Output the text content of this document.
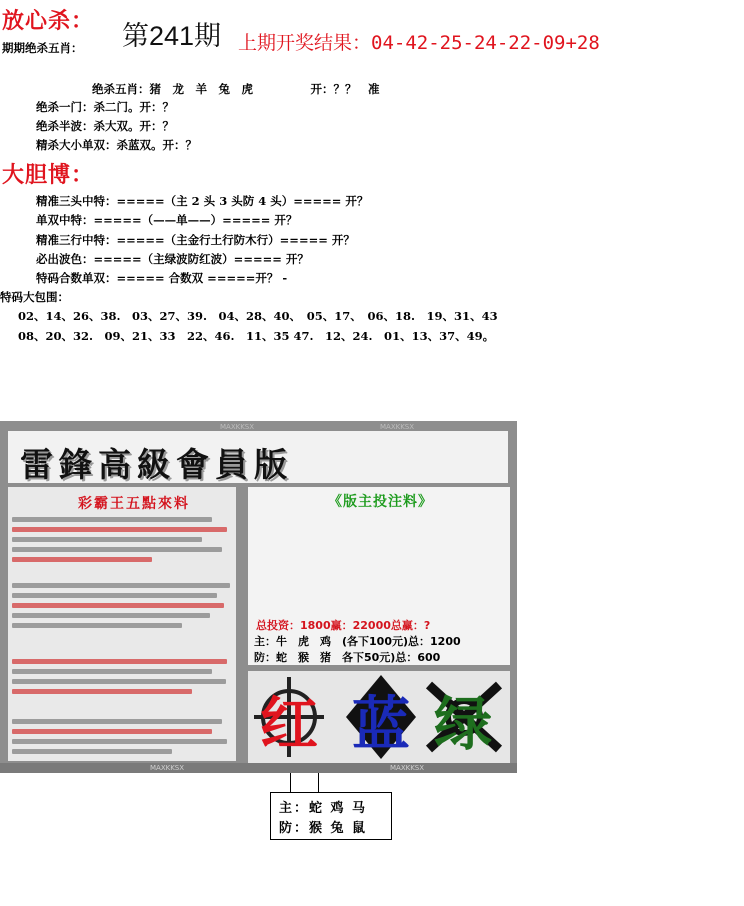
放心杀：
期期绝杀五肖： 第241期 上期开奖结果：04-42-25-24-22-09+28
绝杀五肖：猪　龙　羊　兔　虎　　　　　开：？？　准
绝杀一门：杀二门。开：？
绝杀半波：杀大双。开：？
精杀大小单双：杀蓝双。开：？
大胆博：
精准三头中特：=====（主 2 头 3 头防 4 头）===== 开？
单双中特：=====（——单——）===== 开？
精准三行中特：=====（主金行土行防木行）===== 开？
必出波色：=====（主绿波防红波）===== 开？
特码合数单双：===== 合数双 =====开？ -
特码大包围：
02、14、26、38.　03、27、39.　04、28、40、　05、17、　06、18.　19、31、43
08、20、32.　09、21、33　22、46.　11、35 47.　12、24.　01、13、37、49。
MAXKKSX	MAXKKSX
雷鋒高級會員版
彩霸王五點來料	《版主投注料》
总投资：1800赢：22000总赢：?
主：牛　虎　鸡　(各下100元)总：1200
防：蛇　猴　猪　各下50元)总：600
红 蓝 绿
MAXKKSX	MAXKKSX
主：蛇 鸡 马
防：猴 兔 鼠
